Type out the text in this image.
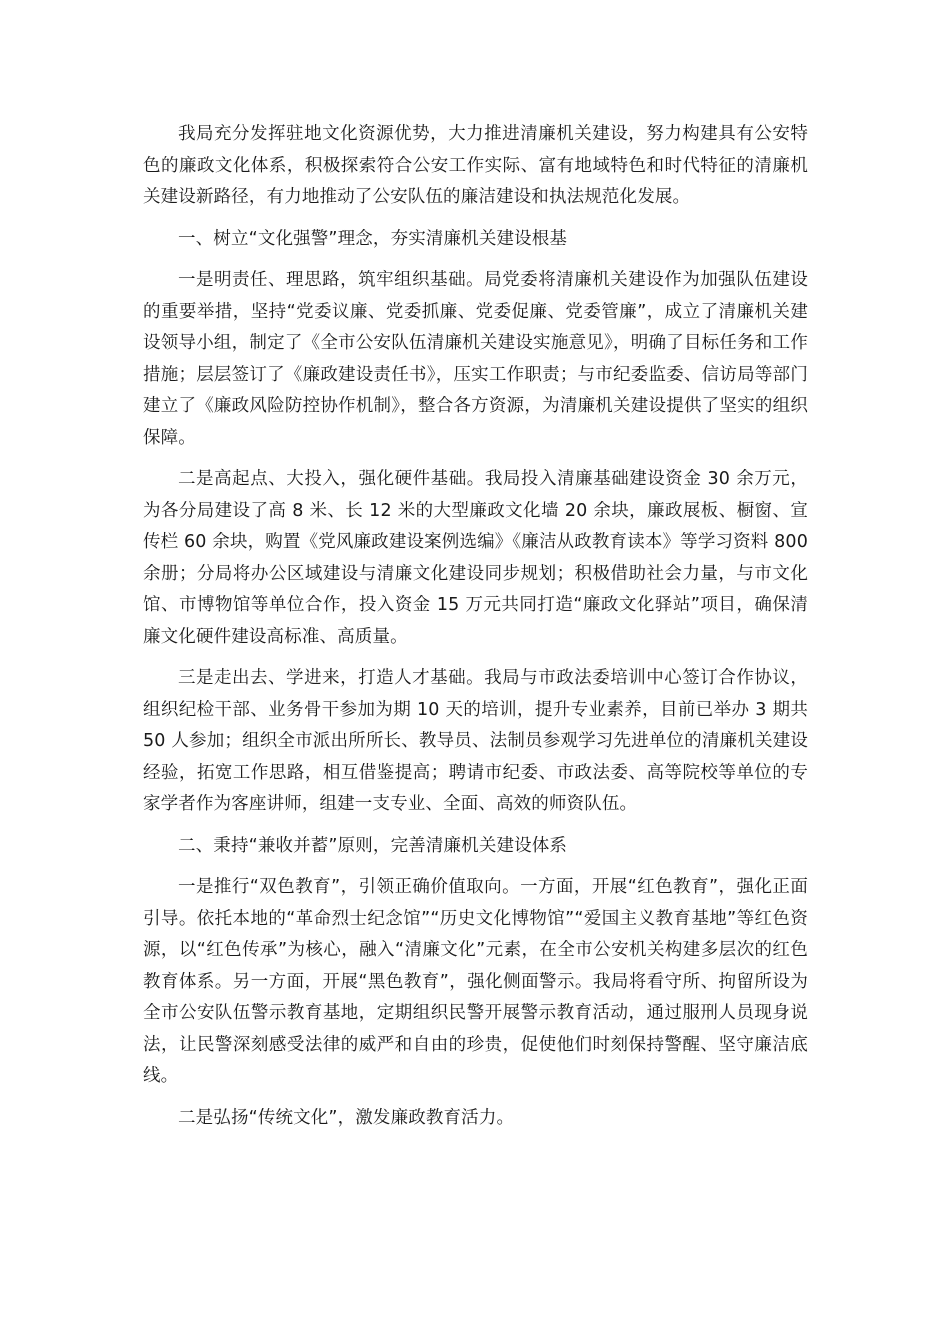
我局充分发挥驻地文化资源优势，大力推进清廉机关建设，努力构建具有公安特色的廉政文化体系，积极探索符合公安工作实际、富有地域特色和时代特征的清廉机关建设新路径，有力地推动了公安队伍的廉洁建设和执法规范化发展。

一、树立“文化强警”理念，夯实清廉机关建设根基

一是明责任、理思路，筑牢组织基础。局党委将清廉机关建设作为加强队伍建设的重要举措，坚持“党委议廉、党委抓廉、党委促廉、党委管廉”，成立了清廉机关建设领导小组，制定了《全市公安队伍清廉机关建设实施意见》，明确了目标任务和工作措施；层层签订了《廉政建设责任书》，压实工作职责；与市纪委监委、信访局等部门建立了《廉政风险防控协作机制》，整合各方资源，为清廉机关建设提供了坚实的组织保障。

二是高起点、大投入，强化硬件基础。我局投入清廉基础建设资金 30 余万元，为各分局建设了高 8 米、长 12 米的大型廉政文化墙 20 余块，廉政展板、橱窗、宣传栏 60 余块，购置《党风廉政建设案例选编》《廉洁从政教育读本》等学习资料 800 余册；分局将办公区域建设与清廉文化建设同步规划；积极借助社会力量，与市文化馆、市博物馆等单位合作，投入资金 15 万元共同打造“廉政文化驿站”项目，确保清廉文化硬件建设高标准、高质量。

三是走出去、学进来，打造人才基础。我局与市政法委培训中心签订合作协议，组织纪检干部、业务骨干参加为期 10 天的培训，提升专业素养，目前已举办 3 期共 50 人参加；组织全市派出所所长、教导员、法制员参观学习先进单位的清廉机关建设经验，拓宽工作思路，相互借鉴提高；聘请市纪委、市政法委、高等院校等单位的专家学者作为客座讲师，组建一支专业、全面、高效的师资队伍。

二、秉持“兼收并蓄”原则，完善清廉机关建设体系

一是推行“双色教育”，引领正确价值取向。一方面，开展“红色教育”，强化正面引导。依托本地的“革命烈士纪念馆”“历史文化博物馆”“爱国主义教育基地”等红色资源，以“红色传承”为核心，融入“清廉文化”元素，在全市公安机关构建多层次的红色教育体系。另一方面，开展“黑色教育”，强化侧面警示。我局将看守所、拘留所设为全市公安队伍警示教育基地，定期组织民警开展警示教育活动，通过服刑人员现身说法，让民警深刻感受法律的威严和自由的珍贵，促使他们时刻保持警醒、坚守廉洁底线。

二是弘扬“传统文化”，激发廉政教育活力。
